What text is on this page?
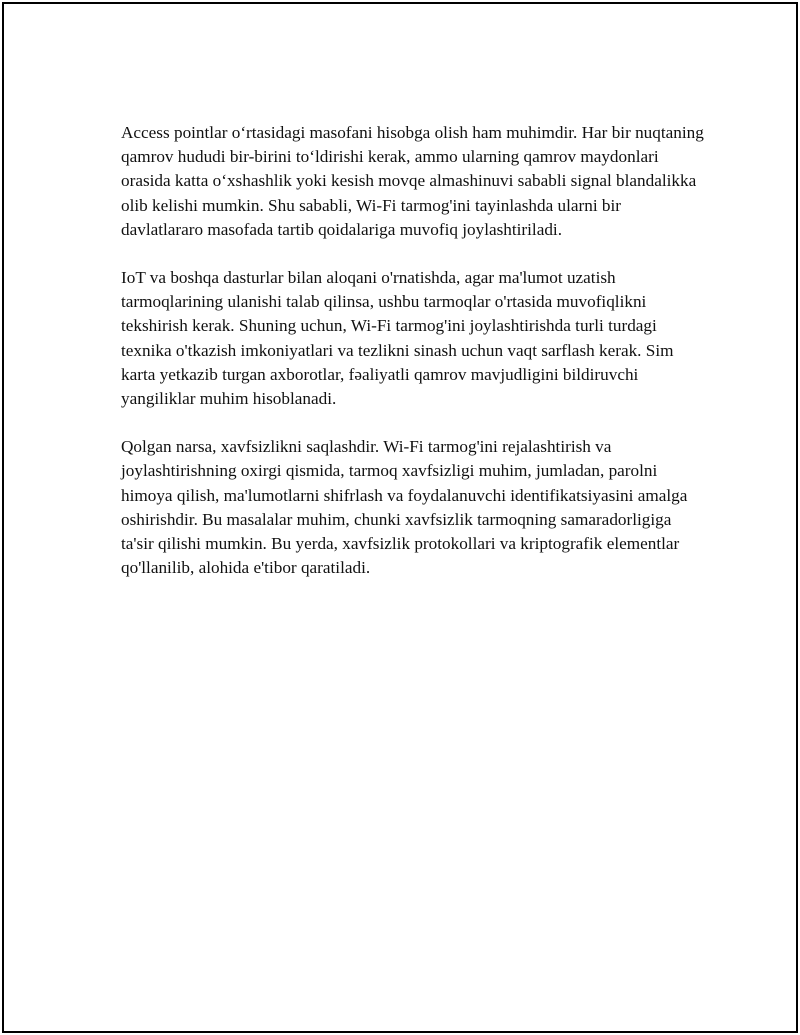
Access pointlar o‘rtasidagi masofani hisobga olish ham muhimdir. Har bir nuqtaning qamrov hududi bir-birini to‘ldirishi kerak, ammo ularning qamrov maydonlari orasida katta o‘xshashlik yoki kesish movqe almashinuvi sababli signal blandalikka olib kelishi mumkin. Shu sababli, Wi-Fi tarmog'ini tayinlashda ularni bir davlatlararo masofada tartib qoidalariga muvofiq joylashtiriladi.

IoT va boshqa dasturlar bilan aloqani o'rnatishda, agar ma'lumot uzatish tarmoqlarining ulanishi talab qilinsa, ushbu tarmoqlar o'rtasida muvofiqlikni tekshirish kerak. Shuning uchun, Wi-Fi tarmog'ini joylashtirishda turli turdagi texnika o'tkazish imkoniyatlari va tezlikni sinash uchun vaqt sarflash kerak. Sim karta yetkazib turgan axborotlar, fəaliyatli qamrov mavjudligini bildiruvchi yangiliklar muhim hisoblanadi.

Qolgan narsa, xavfsizlikni saqlashdir. Wi-Fi tarmog'ini rejalashtirish va joylashtirishning oxirgi qismida, tarmoq xavfsizligi muhim, jumladan, parolni himoya qilish, ma'lumotlarni shifrlash va foydalanuvchi identifikatsiyasini amalga oshirishdir. Bu masalalar muhim, chunki xavfsizlik tarmoqning samaradorligiga ta'sir qilishi mumkin. Bu yerda, xavfsizlik protokollari va kriptografik elementlar qo'llanilib, alohida e'tibor qaratiladi.
